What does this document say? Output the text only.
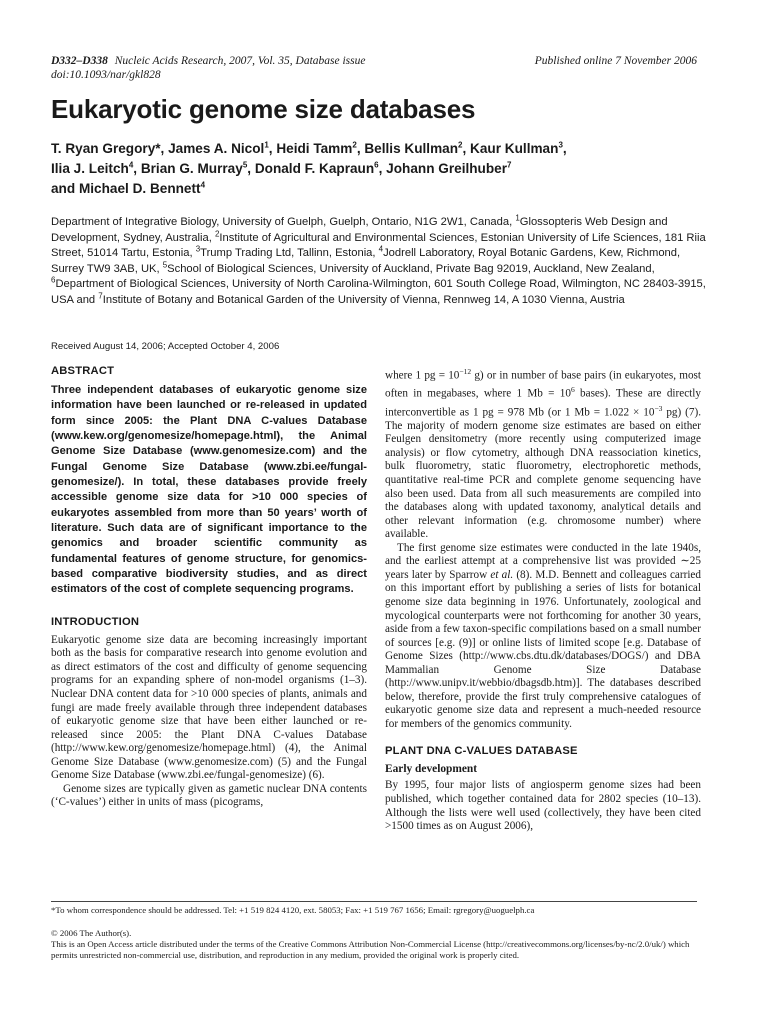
D332–D338 Nucleic Acids Research, 2007, Vol. 35, Database issue
doi:10.1093/nar/gkl828
Published online 7 November 2006
Eukaryotic genome size databases
T. Ryan Gregory*, James A. Nicol$^1$, Heidi Tamm$^2$, Bellis Kullman$^2$, Kaur Kullman$^3$,
Ilia J. Leitch$^4$, Brian G. Murray$^5$, Donald F. Kapraun$^6$, Johann Greilhuber$^7$
and Michael D. Bennett$^4$
Department of Integrative Biology, University of Guelph, Guelph, Ontario, N1G 2W1, Canada, $^1$Glossopteris Web Design and Development, Sydney, Australia, $^2$Institute of Agricultural and Environmental Sciences, Estonian University of Life Sciences, 181 Riia Street, 51014 Tartu, Estonia, $^3$Trump Trading Ltd, Tallinn, Estonia, $^4$Jodrell Laboratory, Royal Botanic Gardens, Kew, Richmond, Surrey TW9 3AB, UK, $^5$School of Biological Sciences, University of Auckland, Private Bag 92019, Auckland, New Zealand, $^6$Department of Biological Sciences, University of North Carolina-Wilmington, 601 South College Road, Wilmington, NC 28403-3915, USA and $^7$Institute of Botany and Botanical Garden of the University of Vienna, Rennweg 14, A 1030 Vienna, Austria
Received August 14, 2006; Accepted October 4, 2006
ABSTRACT

Three independent databases of eukaryotic genome size information have been launched or re-released in updated form since 2005: the Plant DNA C-values Database (www.kew.org/genomesize/homepage.html), the Animal Genome Size Database (www.genomesize.com) and the Fungal Genome Size Database (www.zbi.ee/fungal-genomesize/). In total, these databases provide freely accessible genome size data for >10 000 species of eukaryotes assembled from more than 50 years’ worth of literature. Such data are of significant importance to the genomics and broader scientific community as fundamental features of genome structure, for genomics-based comparative biodiversity studies, and as direct estimators of the cost of complete sequencing programs.

INTRODUCTION

Eukaryotic genome size data are becoming increasingly important both as the basis for comparative research into genome evolution and as direct estimators of the cost and difficulty of genome sequencing programs for an expanding sphere of non-model organisms (1–3). Nuclear DNA content data for >10 000 species of plants, animals and fungi are made freely available through three independent databases of eukaryotic genome size that have been either launched or re-released since 2005: the Plant DNA C-values Database (http://www.kew.org/genomesize/homepage.html) (4), the Animal Genome Size Database (www.genomesize.com) (5) and the Fungal Genome Size Database (www.zbi.ee/fungal-genomesize) (6).

Genome sizes are typically given as gametic nuclear DNA contents (‘C-values’) either in units of mass (picograms,

where 1 pg = $10^{-12}$ g) or in number of base pairs (in eukaryotes, most often in megabases, where 1 $Mb = 10^6$ bases). These are directly interconvertible as 1 pg = 978 Mb (or 1 $Mb = 1.022 \times 10^{-3}$ pg) (7). The majority of modern genome size estimates are based on either Feulgen densitometry (more recently using computerized image analysis) or flow cytometry, although DNA reassociation kinetics, bulk fluorometry, static fluorometry, electrophoretic methods, quantitative real-time PCR and complete genome sequencing have also been used. Data from all such measurements are compiled into the databases along with updated taxonomy, analytical details and other relevant information (e.g. chromosome number) where available.

The first genome size estimates were conducted in the late 1940s, and the earliest attempt at a comprehensive list was provided ∼25 years later by Sparrow et al. (8). M.D. Bennett and colleagues carried on this important effort by publishing a series of lists for botanical genome size data beginning in 1976. Unfortunately, zoological and mycological counterparts were not forthcoming for another 30 years, aside from a few taxon-specific compilations based on a small number of sources [e.g. (9)] or online lists of limited scope [e.g. Database of Genome Sizes (http://www.cbs.dtu.dk/databases/DOGS/) and DBA Mammalian Genome Size Database (http://www.unipv.it/webbio/dbagsdb.htm)]. The databases described below, therefore, provide the first truly comprehensive catalogues of eukaryotic genome size data and represent a much-needed resource for members of the genomics community.

PLANT DNA C-VALUES DATABASE
Early development

By 1995, four major lists of angiosperm genome sizes had been published, which together contained data for 2802 species (10–13). Although the lists were well used (collectively, they have been cited >1500 times as on August 2006),

*To whom correspondence should be addressed. Tel: +1 519 824 4120, ext. 58053; Fax: +1 519 767 1656; Email: rgregory@uoguelph.ca
© 2006 The Author(s).
This is an Open Access article distributed under the terms of the Creative Commons Attribution Non-Commercial License (http://creativecommons.org/licenses/by-nc/2.0/uk/) which permits unrestricted non-commercial use, distribution, and reproduction in any medium, provided the original work is properly cited.
